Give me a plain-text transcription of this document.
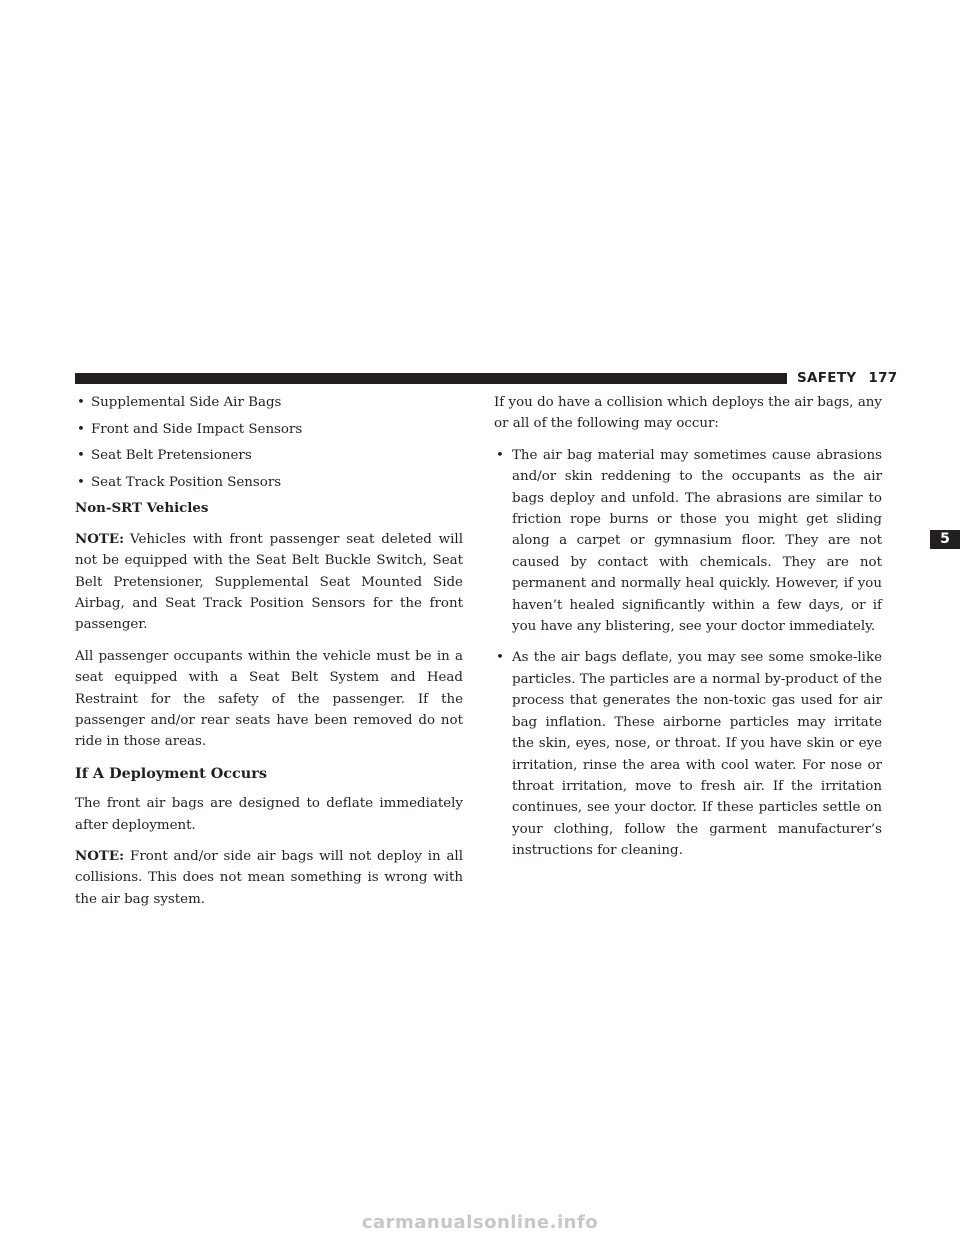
SAFETY 177
5
• Supplemental Side Air Bags
• Front and Side Impact Sensors
• Seat Belt Pretensioners
• Seat Track Position Sensors
Non-SRT Vehicles

NOTE: Vehicles with front passenger seat deleted will not be equipped with the Seat Belt Buckle Switch, Seat Belt Pretensioner, Supplemental Seat Mounted Side Airbag, and Seat Track Position Sensors for the front passenger.

All passenger occupants within the vehicle must be in a seat equipped with a Seat Belt System and Head Restraint for the safety of the passenger. If the passenger and/or rear seats have been removed do not ride in those areas.

If A Deployment Occurs

The front air bags are designed to deflate immediately after deployment.

NOTE: Front and/or side air bags will not deploy in all collisions. This does not mean something is wrong with the air bag system.

If you do have a collision which deploys the air bags, any or all of the following may occur:

• The air bag material may sometimes cause abrasions and/or skin reddening to the occupants as the air bags deploy and unfold. The abrasions are similar to friction rope burns or those you might get sliding along a carpet or gymnasium floor. They are not caused by contact with chemicals. They are not permanent and normally heal quickly. However, if you haven’t healed significantly within a few days, or if you have any blistering, see your doctor immediately.
• As the air bags deflate, you may see some smoke-like particles. The particles are a normal by-product of the process that generates the non-toxic gas used for air bag inflation. These airborne particles may irritate the skin, eyes, nose, or throat. If you have skin or eye irritation, rinse the area with cool water. For nose or throat irritation, move to fresh air. If the irritation continues, see your doctor. If these particles settle on your clothing, follow the garment manufacturer’s instructions for cleaning.
carmanualsonline.info
